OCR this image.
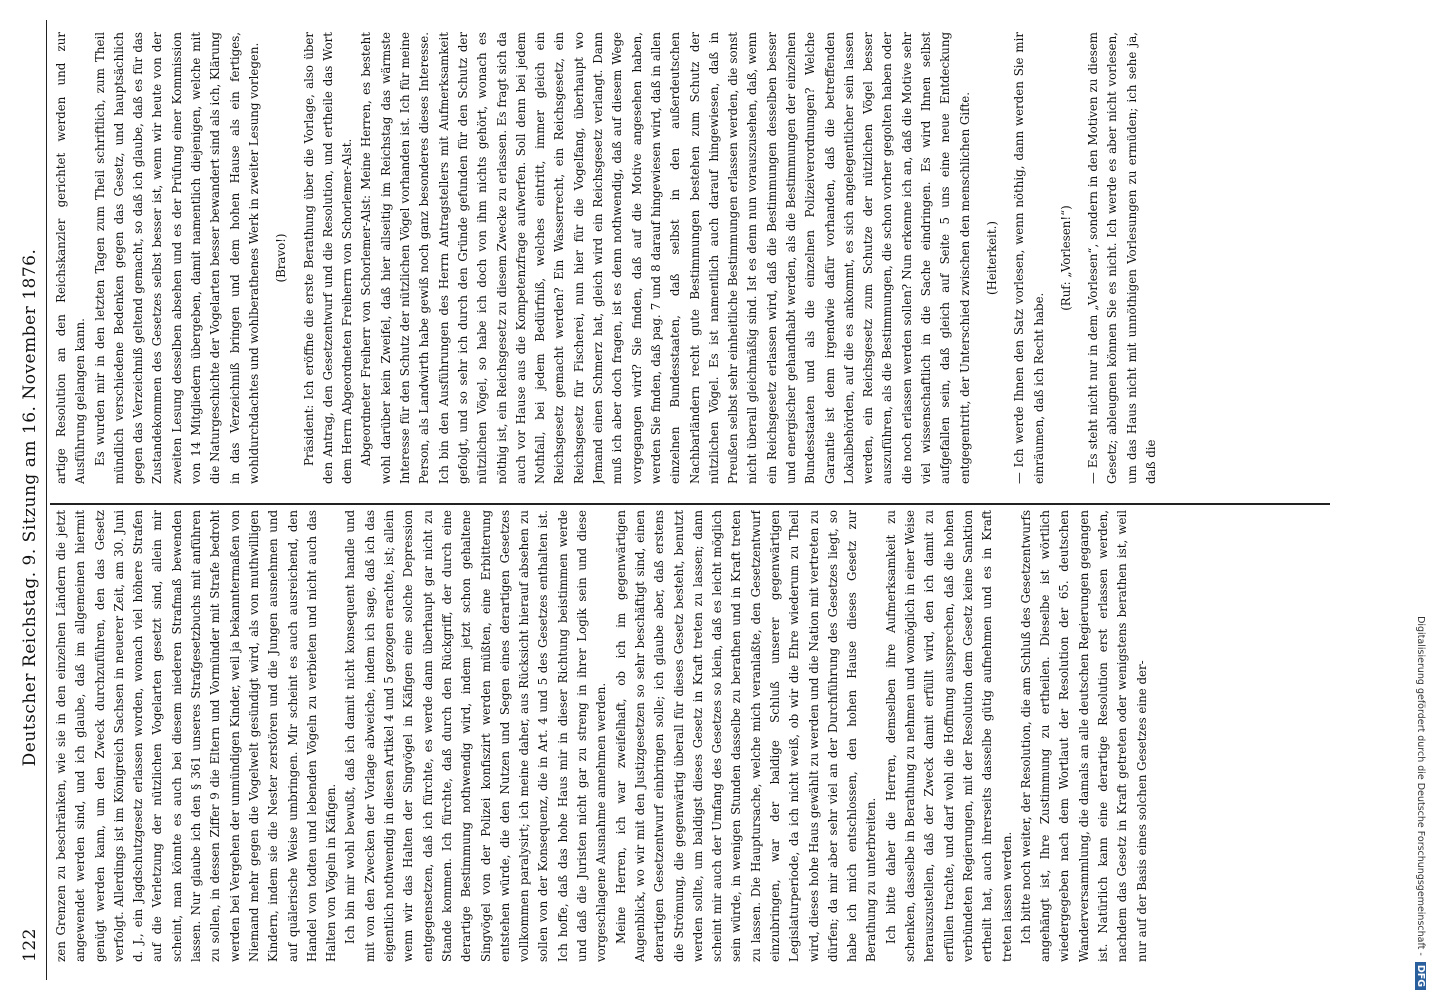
122
Deutscher Reichstag. 9. Sitzung am 16. November 1876. zen Grenzen zu beschränken, wie sie in den einzelnen Ländern die jetzt angewendet werden sind, und ich glaube, daß im allgemeinen hiermit genügt werden kann, um den Zweck durchzuführen, den das Gesetz verfolgt. Allerdings ist im Königreich Sachsen in neuerer Zeit, am 30. Juni d. J., ein Jagdschutzgesetz erlassen worden, wonach viel höhere Strafen auf die Verletzung der nützlichen Vogelarten gesetzt sind, allein mir scheint, man könnte es auch bei diesem niederen Strafmaß bewenden lassen. Nur glaube ich den § 361 unseres Strafgesetzbuchs mit anführen zu sollen, in dessen Ziffer 9 die Eltern und Vormünder mit Strafe bedroht werden bei Vergehen der unmündigen Kinder, weil ja bekanntermaßen von Niemand mehr gegen die Vogelwelt gesündigt wird, als von muthwilligen Kindern, indem sie die Nester zerstören und die Jungen ausnehmen und auf quälerische Weise umbringen. Mir scheint es auch ausreichend, den Handel von todten und lebenden Vögeln zu verbieten und nicht auch das Halten von Vögeln in Käfigen. Ich bin mir wohl bewußt, daß ich damit nicht konsequent handle und mit von den Zwecken der Vorlage abweiche, indem ich sage, daß ich das eigentlich nothwendig in diesen Artikel 4 und 5 gezogen erachte, ist; allein wenn wir das Halten der Singvögel in Käfigen eine solche Depression entgegensetzen, daß ich fürchte, es werde dann überhaupt gar nicht zu Stande kommen. Ich fürchte, daß durch den Rückgriff, der durch eine derartige Bestimmung nothwendig wird, indem jetzt schon gehaltene Singvögel von der Polizei konfiszirt werden müßten, eine Erbitterung entstehen würde, die den Nutzen und Segen eines derartigen Gesetzes vollkommen paralysirt; ich meine daher, aus Rücksicht hierauf absehen zu sollen von der Konsequenz, die in Art. 4 und 5 des Gesetzes enthalten ist. Ich hoffe, daß das hohe Haus mir in dieser Richtung beistimmen werde und daß die Juristen nicht gar zu streng in ihrer Logik sein und diese vorgeschlagene Ausnahme annehmen werden. Meine Herren, ich war zweifelhaft, ob ich im gegenwärtigen Augenblick, wo wir mit den Justizgesetzen so sehr beschäftigt sind, einen derartigen Gesetzentwurf einbringen solle; ich glaube aber, daß erstens die Strömung, die gegenwärtig überall für dieses Gesetz besteht, benutzt werden sollte, um baldigst dieses Gesetz in Kraft treten zu lassen; dann scheint mir auch der Umfang des Gesetzes so klein, daß es leicht möglich sein würde, in wenigen Stunden dasselbe zu berathen und in Kraft treten zu lassen. Die Hauptursache, welche mich veranlaßte, den Gesetzentwurf einzubringen, war der baldige Schluß unserer gegenwärtigen Legislaturperiode, da ich nicht weiß, ob wir die Ehre wiederum zu Theil wird, dieses hohe Haus gewählt zu werden und die Nation mit vertreten zu dürfen; da mir aber sehr viel an der Durchführung des Gesetzes liegt, so habe ich mich entschlossen, den hohen Hause dieses Gesetz zur Berathung zu unterbreiten. Ich bitte daher die Herren, demselben ihre Aufmerksamkeit zu schenken, dasselbe in Berathung zu nehmen und womöglich in einer Weise herauszustellen, daß der Zweck damit erfüllt wird, den ich damit zu erfüllen trachte, und darf wohl die Hoffnung aussprechen, daß die hohen verbündeten Regierungen, mit der Resolution dem Gesetz keine Sanktion ertheilt hat, auch ihrerseits dasselbe gütig aufnehmen und es in Kraft treten lassen werden. Ich bitte noch weiter, der Resolution, die am Schluß des Gesetzentwurfs angehängt ist, Ihre Zustimmung zu ertheilen. Dieselbe ist wörtlich wiedergegeben nach dem Wortlaut der Resolution der 65. deutschen Wanderversammlung, die damals an alle deutschen Regierungen gegangen ist. Natürlich kann eine derartige Resolution erst erlassen werden, nachdem das Gesetz in Kraft getreten oder wenigstens berathen ist, weil nur auf der Basis eines solchen Gesetzes eine der-

artige Resolution an den Reichskanzler gerichtet werden und zur Ausführung gelangen kann. Es wurden mir in den letzten Tagen zum Theil schriftlich, zum Theil mündlich verschiedene Bedenken gegen das Gesetz, und hauptsächlich gegen das Verzeichniß geltend gemacht, so daß ich glaube, daß es für das Zustandekommen des Gesetzes selbst besser ist, wenn wir heute von der zweiten Lesung desselben absehen und es der Prüfung einer Kommission von 14 Mitgliedern übergeben, damit namentlich diejenigen, welche mit die Naturgeschichte der Vogelarten besser bewandert sind als ich, Klärung in das Verzeichniß bringen und dem hohen Hause als ein fertiges, wohldurchdachtes und wohlberathenes Werk in zweiter Lesung vorlegen. (Bravo!) Präsident: Ich eröffne die erste Berathung über die Vorlage, also über den Antrag, den Gesetzentwurf und die Resolution, und ertheile das Wort dem Herrn Abgeordneten Freiherrn von Schorlemer-Alst. Abgeordneter Freiherr von Schorlemer-Alst: Meine Herren, es besteht wohl darüber kein Zweifel, daß hier allseitig im Reichstag das wärmste Interesse für den Schutz der nützlichen Vögel vorhanden ist. Ich für meine Person, als Landwirth habe gewiß noch ganz besonderes dieses Interesse. Ich bin den Ausführungen des Herrn Antragstellers mit Aufmerksamkeit gefolgt, und so sehr ich durch den Gründe gefunden für den Schutz der nützlichen Vögel, so habe ich doch von ihm nichts gehört, wonach es nöthig ist, ein Reichsgesetz zu diesem Zwecke zu erlassen. Es fragt sich da auch vor Hause aus die Kompetenzfrage aufwerfen. Soll denn bei jedem Nothfall, bei jedem Bedürfniß, welches eintritt, immer gleich ein Reichsgesetz gemacht werden? Ein Wasserrecht, ein Reichsgesetz, ein Reichsgesetz für Fischerei, nun hier für die Vogelfang, überhaupt wo Jemand einen Schmerz hat, gleich wird ein Reichsgesetz verlangt. Dann muß ich aber doch fragen, ist es denn nothwendig, daß auf diesem Wege vorgegangen wird? Sie finden, daß auf die Motive angesehen haben, werden Sie finden, daß pag. 7 und 8 darauf hingewiesen wird, daß in allen einzelnen Bundesstaaten, daß selbst in den außerdeutschen Nachbarländern recht gute Bestimmungen bestehen zum Schutz der nützlichen Vögel. Es ist namentlich auch darauf hingewiesen, daß in Preußen selbst sehr einheitliche Bestimmungen erlassen werden, die sonst nicht überall gleichmäßig sind. Ist es denn nun vorauszusehen, daß, wenn ein Reichsgesetz erlassen wird, daß die Bestimmungen desselben besser und energischer gehandhabt werden, als die Bestimmungen der einzelnen Bundesstaaten und als die einzelnen Polizeiverordnungen? Welche Garantie ist denn irgendwie dafür vorhanden, daß die betreffenden Lokalbehörden, auf die es ankommt, es sich angelegentlicher sein lassen werden, ein Reichsgesetz zum Schutze der nützlichen Vögel besser auszuführen, als die Bestimmungen, die schon vorher gegolten haben oder die noch erlassen werden sollen? Nun erkenne ich an, daß die Motive sehr viel wissenschaftlich in die Sache eindringen. Es wird Ihnen selbst aufgefallen sein, daß gleich auf Seite 5 uns eine neue Entdeckung entgegentritt, der Unterschied zwischen den menschlichen Gifte. (Heiterkeit.) — Ich werde Ihnen den Satz vorlesen, wenn nöthig, dann werden Sie mir einräumen, daß ich Recht habe.

(Ruf: „Vorlesen!“) — Es steht nicht nur in dem „Vorlesen“, sondern in den Motiven zu diesem Gesetz; ableugnen können Sie es nicht. Ich werde es aber nicht vorlesen, um das Haus nicht mit unnöthigen Vorlesungen zu ermüden; ich sehe ja, daß die

Digitalisierung gefördert durch die Deutsche Forschungsgemeinschaft -DFG
